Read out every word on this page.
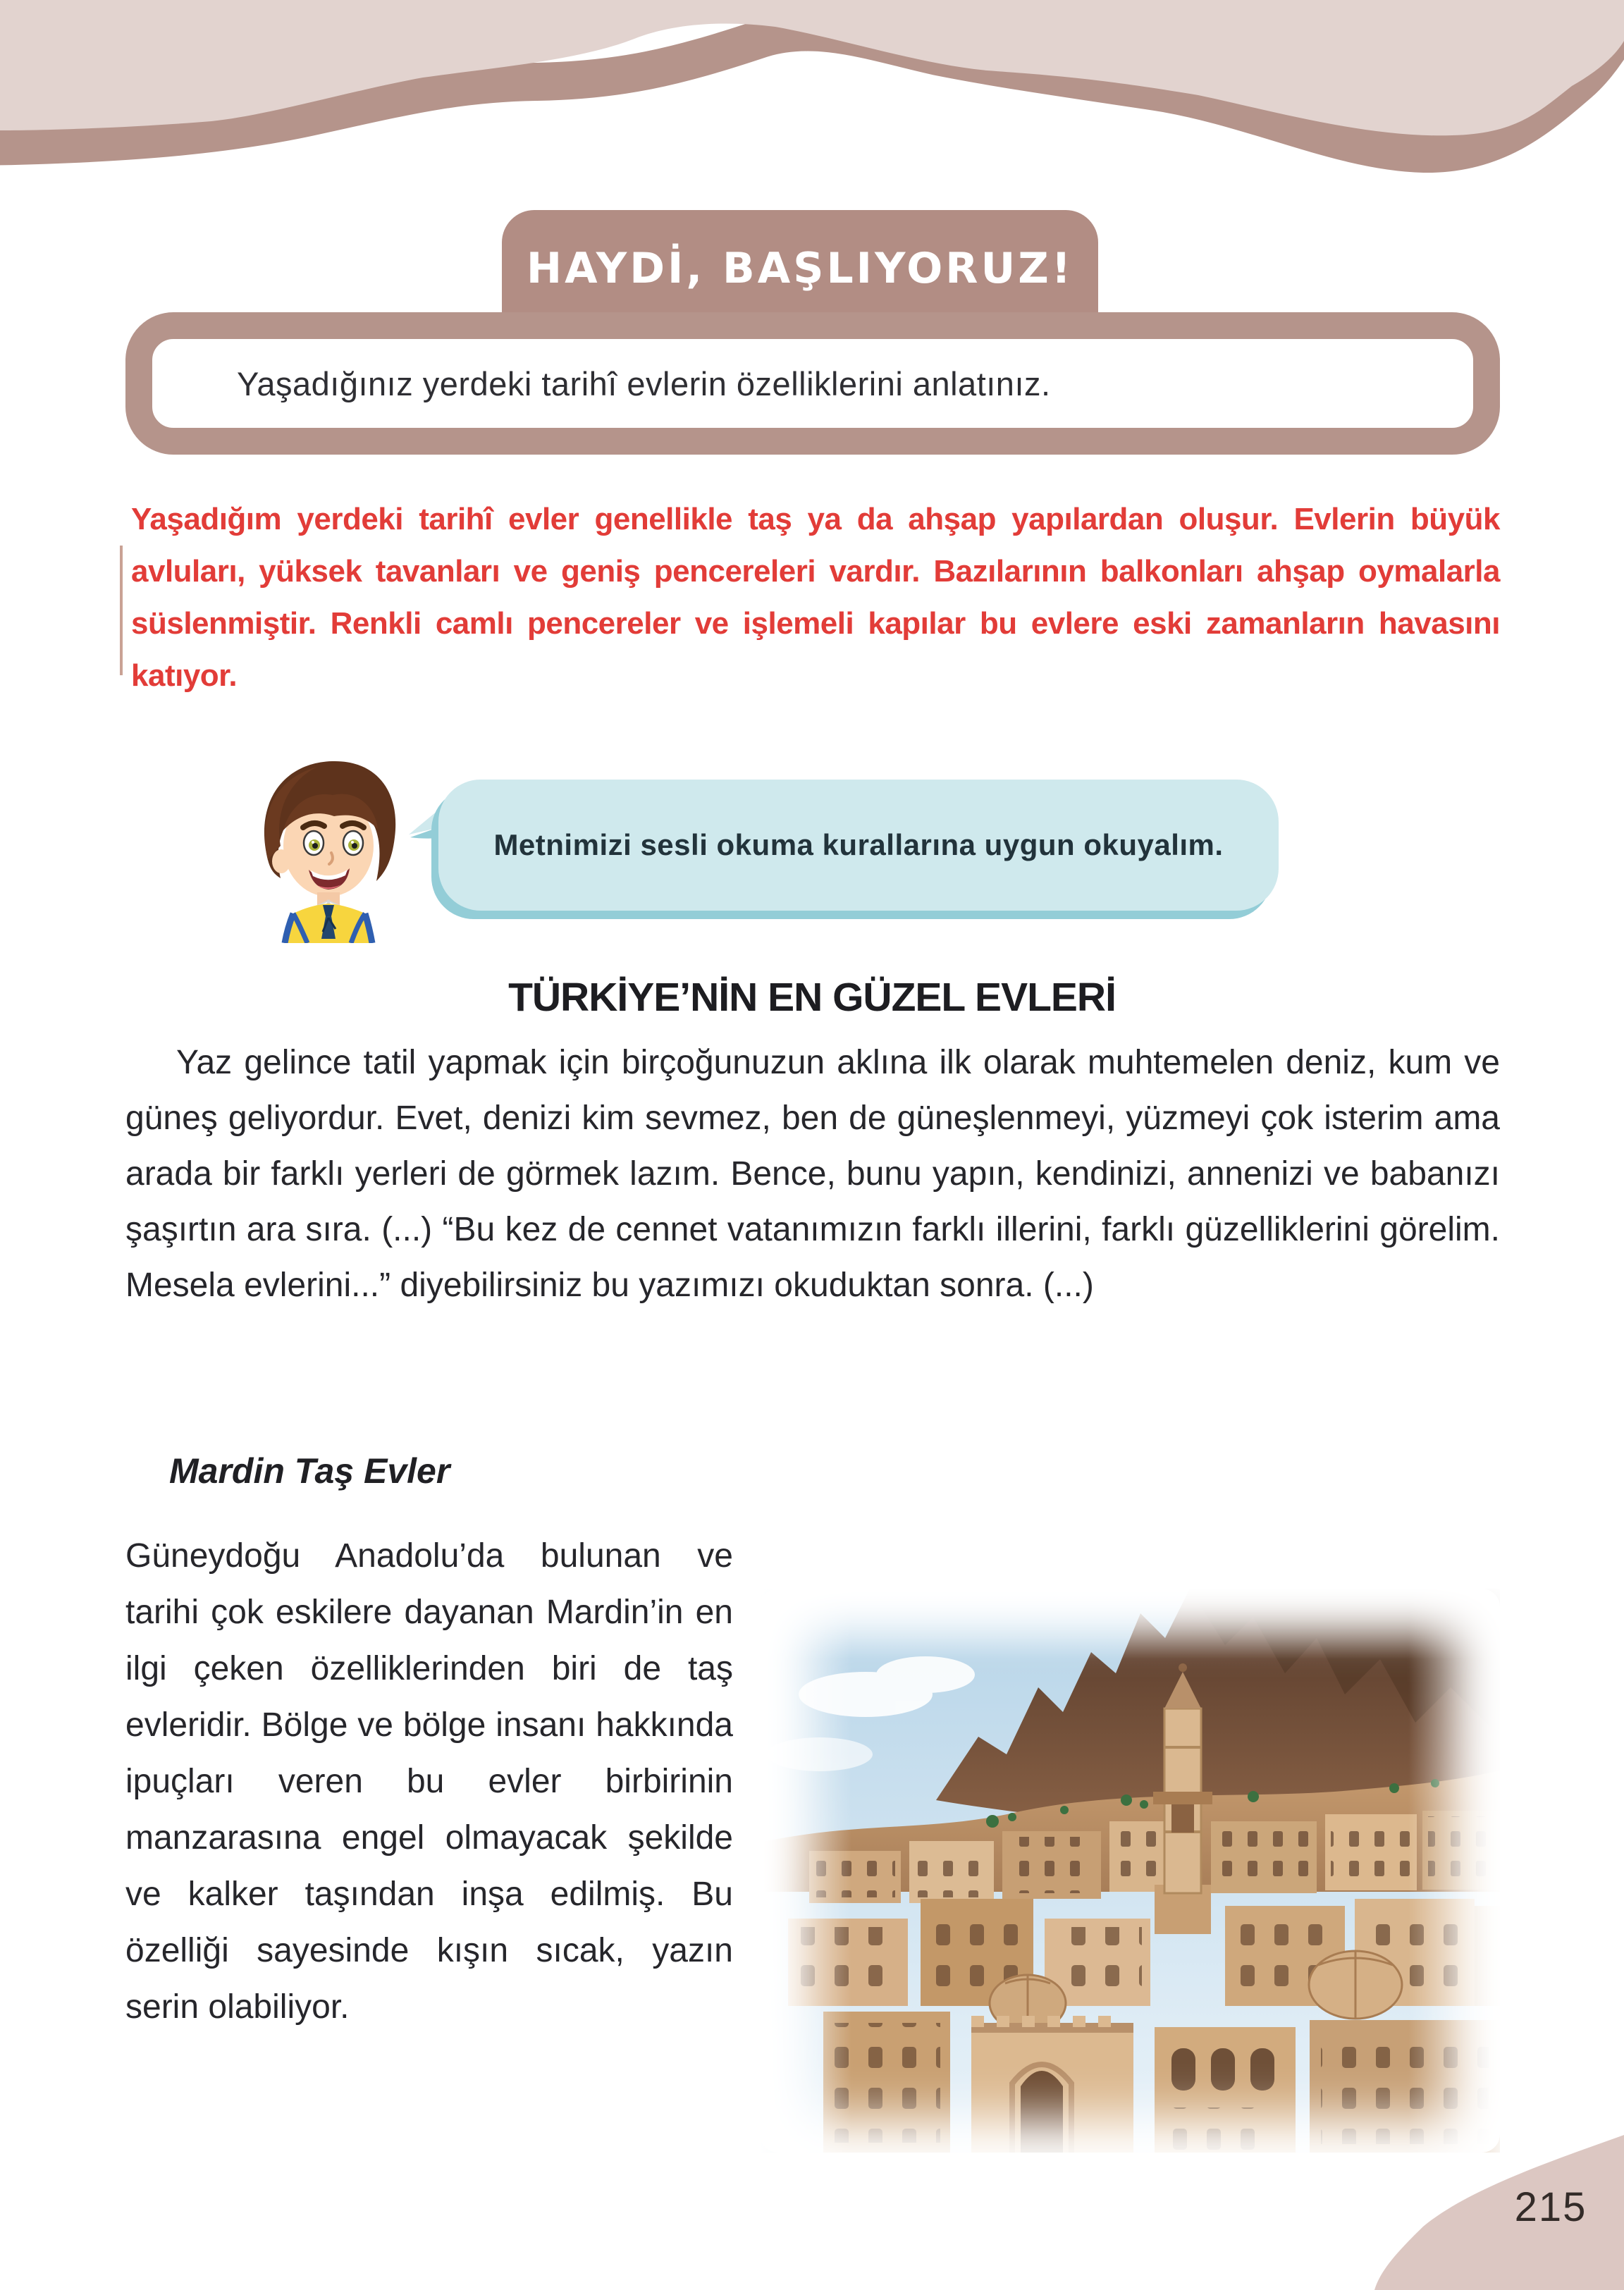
HAYDİ, BAŞLIYORUZ!
Yaşadığınız yerdeki tarihî evlerin özelliklerini anlatınız.
Yaşadığım yerdeki tarihî evler genellikle taş ya da ahşap yapılardan oluşur. Evlerin büyük avluları, yüksek tavanları ve geniş pencereleri vardır. Bazılarının balkonları ahşap oymalarla süslenmiştir. Renkli camlı pencereler ve işlemeli kapılar bu evlere eski zamanların havasını katıyor.
Metnimizi sesli okuma kurallarına uygun okuyalım.
TÜRKİYE’NİN EN GÜZEL EVLERİ
Yaz gelince tatil yapmak için birçoğunuzun aklına ilk olarak muhtemelen deniz, kum ve güneş geliyordur. Evet, denizi kim sevmez, ben de güneşlenmeyi, yüzmeyi çok isterim ama arada bir farklı yerleri de görmek lazım. Bence, bunu yapın, kendinizi, annenizi ve babanızı şaşırtın ara sıra. (...) “Bu kez de cennet vatanımızın farklı illerini, farklı güzelliklerini görelim. Mesela evlerini...” diyebilirsiniz bu yazımızı okuduktan sonra. (...)
Mardin Taş Evler
Güneydoğu Anadolu’da bulunan ve tarihi çok eskilere dayanan Mardin’in en ilgi çeken özelliklerinden biri de taş evleridir. Bölge ve bölge insanı hakkında ipuçları veren bu evler birbirinin manzarasına engel olmayacak şekilde ve kalker taşından inşa edilmiş. Bu özelliği sayesinde kışın sıcak, yazın serin olabiliyor.
215
